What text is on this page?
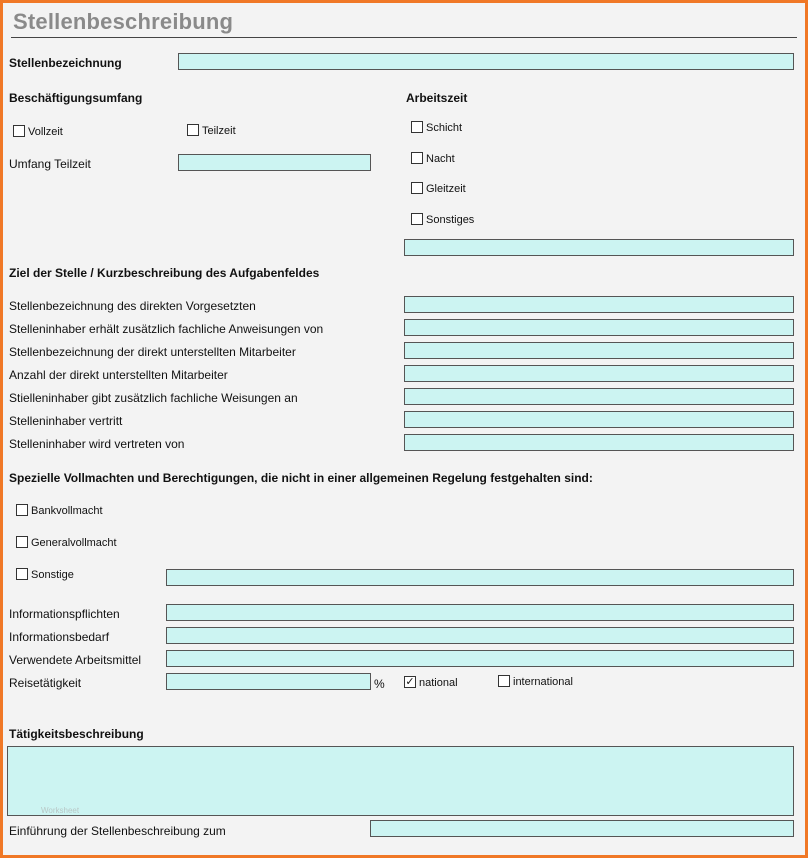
Stellenbeschreibung
Stellenbezeichnung
Beschäftigungsumfang
Vollzeit	Teilzeit
Umfang Teilzeit
Arbeitszeit
Schicht
Nacht
Gleitzeit
Sonstiges
Ziel der Stelle / Kurzbeschreibung des Aufgabenfeldes
Stellenbezeichnung des direkten Vorgesetzten
Stelleninhaber erhält zusätzlich fachliche Anweisungen von
Stellenbezeichnung der direkt unterstellten Mitarbeiter
Anzahl der direkt unterstellten Mitarbeiter
Stielleninhaber gibt zusätzlich fachliche Weisungen an
Stelleninhaber vertritt
Stelleninhaber wird vertreten von
Spezielle Vollmachten und Berechtigungen, die nicht in einer allgemeinen Regelung festgehalten sind:
Bankvollmacht
Generalvollmacht
Sonstige
Informationspflichten
Informationsbedarf
Verwendete Arbeitsmittel
Reisetätigkeit	% ✓ national	international
Tätigkeitsbeschreibung
Worksheet
Einführung der Stellenbeschreibung zum
